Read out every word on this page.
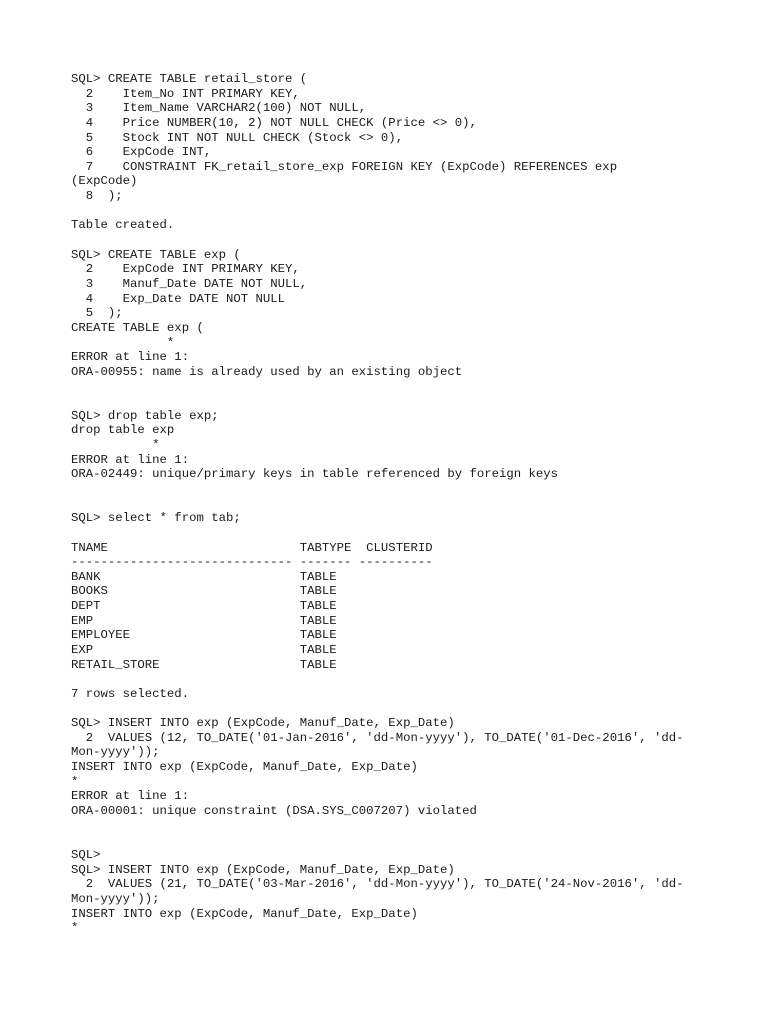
SQL> CREATE TABLE retail_store (
2    Item_No INT PRIMARY KEY,
3    Item_Name VARCHAR2(100) NOT NULL,
4    Price NUMBER(10, 2) NOT NULL CHECK (Price <> 0),
5    Stock INT NOT NULL CHECK (Stock <> 0),
6    ExpCode INT,
7    CONSTRAINT FK_retail_store_exp FOREIGN KEY (ExpCode) REFERENCES exp
(ExpCode)
8  );
Table created.
SQL> CREATE TABLE exp (
2    ExpCode INT PRIMARY KEY,
3    Manuf_Date DATE NOT NULL,
4    Exp_Date DATE NOT NULL
5  );
CREATE TABLE exp (
*
ERROR at line 1:
ORA-00955: name is already used by an existing object
SQL> drop table exp;
drop table exp
*
ERROR at line 1:
ORA-02449: unique/primary keys in table referenced by foreign keys
SQL> select * from tab;
TNAME                          TABTYPE  CLUSTERID
------------------------------ ------- ----------
BANK                           TABLE
BOOKS                          TABLE
DEPT                           TABLE
EMP                            TABLE
EMPLOYEE                       TABLE
EXP                            TABLE
RETAIL_STORE                   TABLE
7 rows selected.
SQL> INSERT INTO exp (ExpCode, Manuf_Date, Exp_Date)
2  VALUES (12, TO_DATE('01-Jan-2016', 'dd-Mon-yyyy'), TO_DATE('01-Dec-2016', 'dd-
Mon-yyyy'));
INSERT INTO exp (ExpCode, Manuf_Date, Exp_Date)
*
ERROR at line 1:
ORA-00001: unique constraint (DSA.SYS_C007207) violated
SQL>
SQL> INSERT INTO exp (ExpCode, Manuf_Date, Exp_Date)
2  VALUES (21, TO_DATE('03-Mar-2016', 'dd-Mon-yyyy'), TO_DATE('24-Nov-2016', 'dd-
Mon-yyyy'));
INSERT INTO exp (ExpCode, Manuf_Date, Exp_Date)
*
